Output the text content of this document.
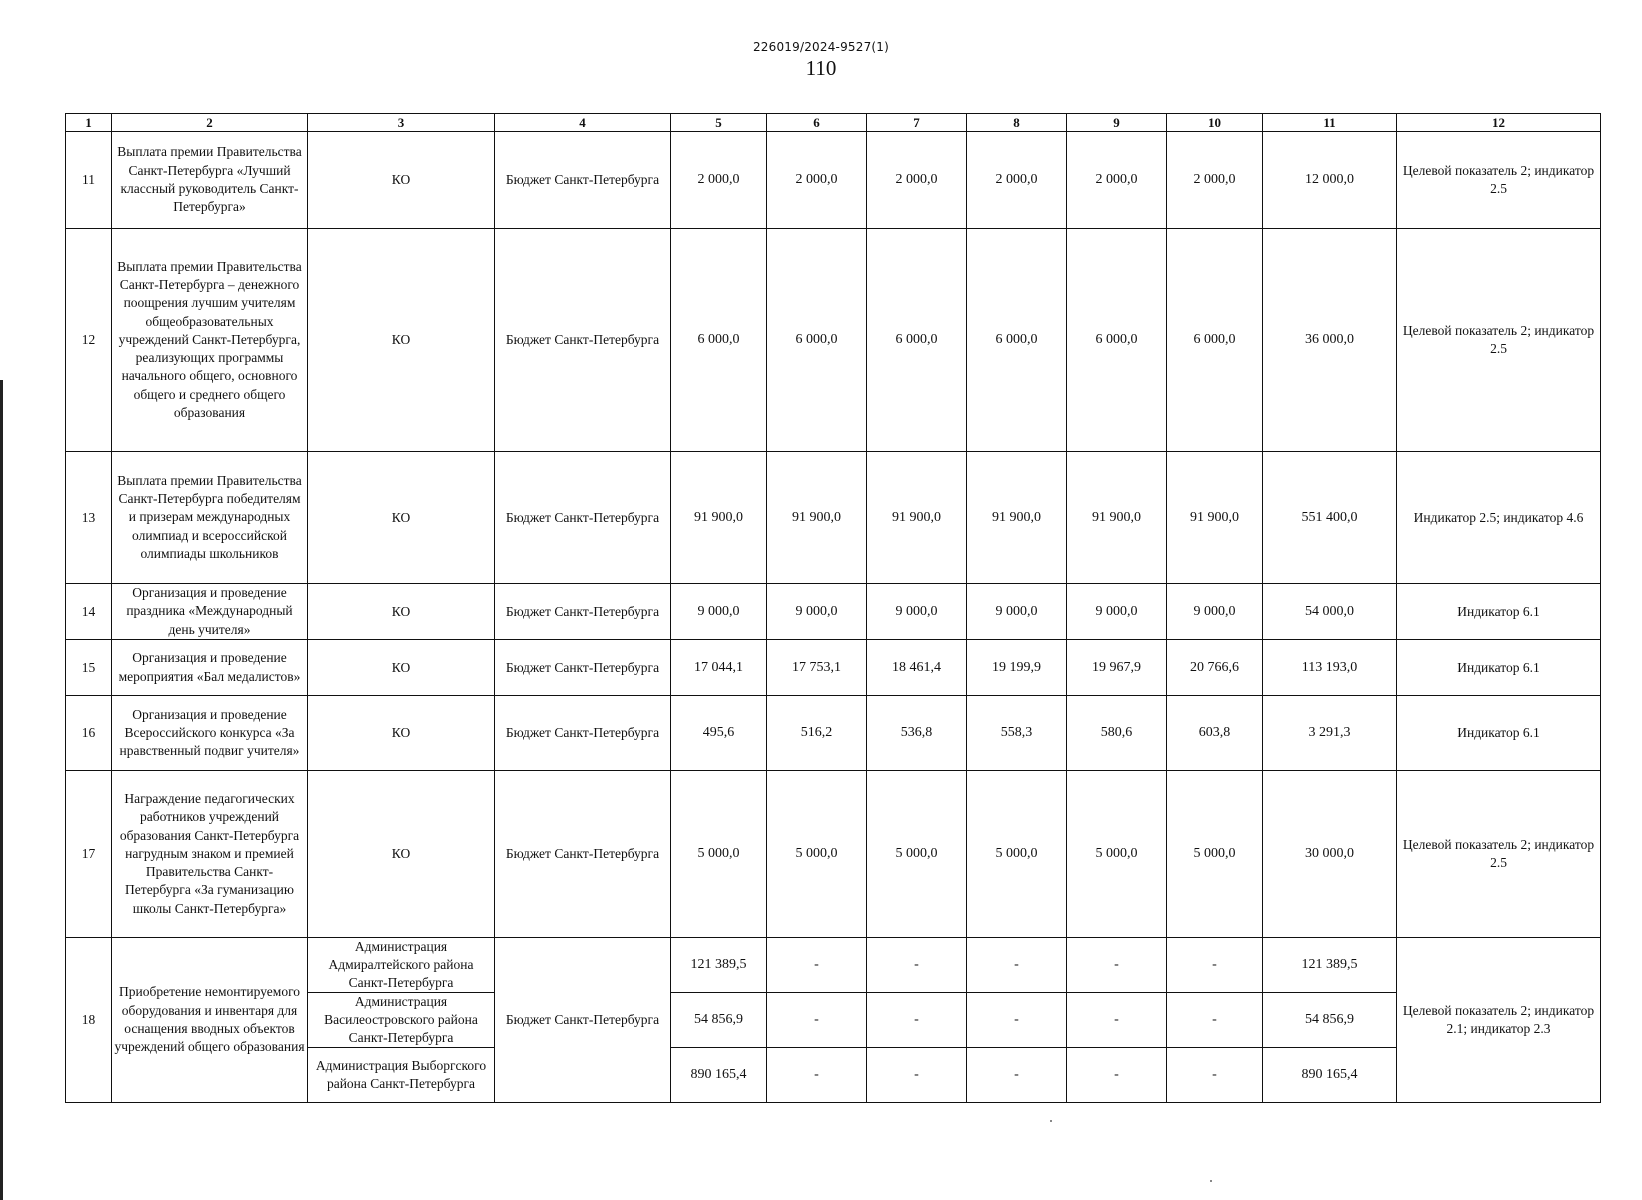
226019/2024-9527(1)
110
1	2	3	4	5	6	7	8	9	10	11	12
11	Выплата премии Правительства Санкт-Петербурга «Лучший классный руководитель Санкт-Петербурга»	КО	Бюджет Санкт-Петербурга	2 000,0	2 000,0	2 000,0	2 000,0	2 000,0	2 000,0	12 000,0	Целевой показатель 2; индикатор 2.5
12	Выплата премии Правительства Санкт-Петербурга – денежного поощрения лучшим учителям общеобразовательных учреждений Санкт-Петербурга, реализующих программы начального общего, основного общего и среднего общего образования	КО	Бюджет Санкт-Петербурга	6 000,0	6 000,0	6 000,0	6 000,0	6 000,0	6 000,0	36 000,0	Целевой показатель 2; индикатор 2.5
13	Выплата премии Правительства Санкт-Петербурга победителям и призерам международных олимпиад и всероссийской олимпиады школьников	КО	Бюджет Санкт-Петербурга	91 900,0	91 900,0	91 900,0	91 900,0	91 900,0	91 900,0	551 400,0	Индикатор 2.5; индикатор 4.6
14	Организация и проведение праздника «Международный день учителя»	КО	Бюджет Санкт-Петербурга	9 000,0	9 000,0	9 000,0	9 000,0	9 000,0	9 000,0	54 000,0	Индикатор 6.1
15	Организация и проведение мероприятия «Бал медалистов»	КО	Бюджет Санкт-Петербурга	17 044,1	17 753,1	18 461,4	19 199,9	19 967,9	20 766,6	113 193,0	Индикатор 6.1
16	Организация и проведение Всероссийского конкурса «За нравственный подвиг учителя»	КО	Бюджет Санкт-Петербурга	495,6	516,2	536,8	558,3	580,6	603,8	3 291,3	Индикатор 6.1
17	Награждение педагогических работников учреждений образования Санкт-Петербурга нагрудным знаком и премией Правительства Санкт-Петербурга «За гуманизацию школы Санкт-Петербурга»	КО	Бюджет Санкт-Петербурга	5 000,0	5 000,0	5 000,0	5 000,0	5 000,0	5 000,0	30 000,0	Целевой показатель 2; индикатор 2.5
18	Приобретение немонтируемого оборудования и инвентаря для оснащения вводных объектов учреждений общего образования	Администрация Адмиралтейского района Санкт-Петербурга	Бюджет Санкт-Петербурга	121 389,5	-	-	-	-	-	121 389,5	Целевой показатель 2; индикатор 2.1; индикатор 2.3
		Администрация Василеостровского района Санкт-Петербурга		54 856,9	-	-	-	-	-	54 856,9	
		Администрация Выборгского района Санкт-Петербурга		890 165,4	-	-	-	-	-	890 165,4	
